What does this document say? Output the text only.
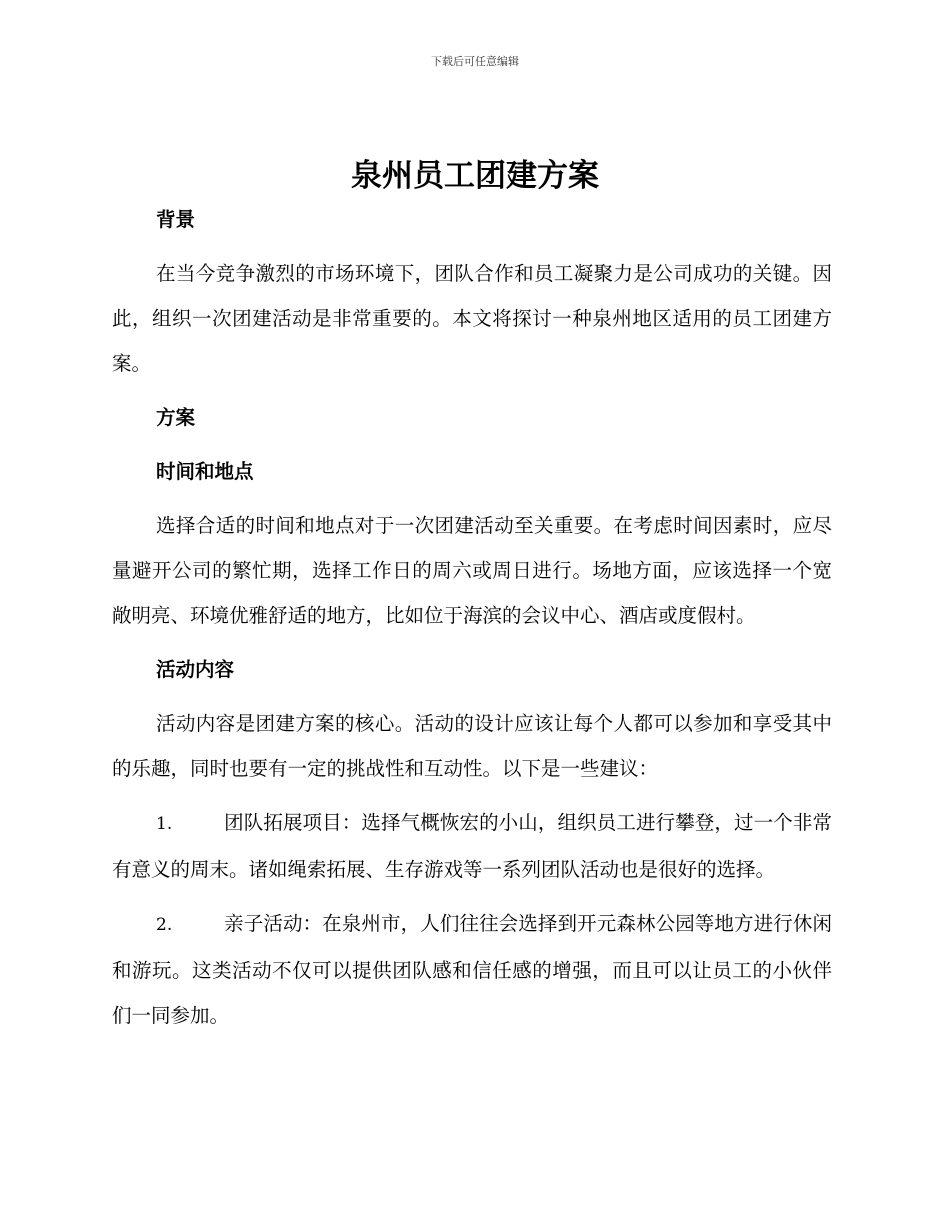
下载后可任意编辑
泉州员工团建方案

背景

在当今竞争激烈的市场环境下，团队合作和员工凝聚力是公司成功的关键。因此，组织一次团建活动是非常重要的。本文将探讨一种泉州地区适用的员工团建方案。

方案

时间和地点

选择合适的时间和地点对于一次团建活动至关重要。在考虑时间因素时，应尽量避开公司的繁忙期，选择工作日的周六或周日进行。场地方面，应该选择一个宽敞明亮、环境优雅舒适的地方，比如位于海滨的会议中心、酒店或度假村。

活动内容

活动内容是团建方案的核心。活动的设计应该让每个人都可以参加和享受其中的乐趣，同时也要有一定的挑战性和互动性。以下是一些建议：

1.	团队拓展项目：选择气概恢宏的小山，组织员工进行攀登，过一个非常有意义的周末。诸如绳索拓展、生存游戏等一系列团队活动也是很好的选择。

2.	亲子活动：在泉州市，人们往往会选择到开元森林公园等地方进行休闲和游玩。这类活动不仅可以提供团队感和信任感的增强，而且可以让员工的小伙伴们一同参加。
